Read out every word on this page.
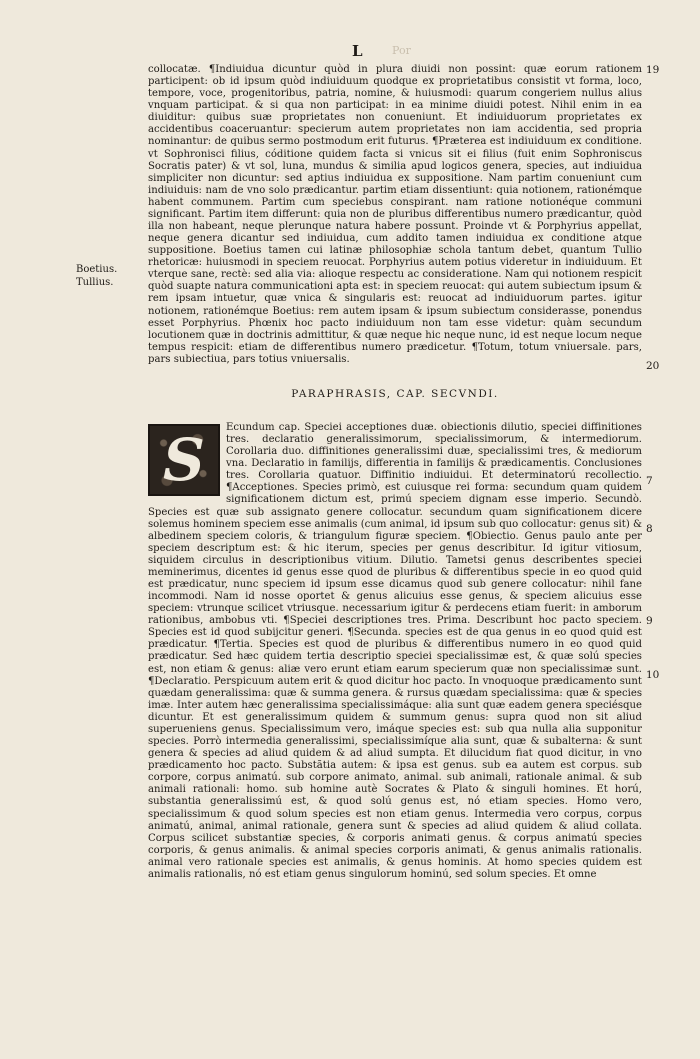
L	Por
19
Boetius.
Tullius.

collocatæ. ¶Indiuidua dicuntur quòd in plura diuidi non possint: quæ eorum rationem participent: ob id ipsum quòd indiuiduum quodque ex proprietatibus consistit vt forma, loco, tempore, voce, progenitoribus, patria, nomine, & huiusmodi: quarum congeriem nullus alius vnquam participat. & si qua non participat: in ea minime diuidi potest. Nihil enim in ea diuiditur: quibus suæ proprietates non conueniunt. Et indiuiduorum proprietates ex accidentibus coaceruantur: specierum autem proprietates non iam accidentia, sed propria nominantur: de quibus sermo postmodum erit futurus. ¶Præterea est indiuiduum ex conditione. vt Sophronisci filius, códitione quidem facta si vnicus sit ei filius (fuit enim Sophroniscus Socratis pater) & vt sol, luna, mundus & similia apud logicos genera, species, aut indiuidua simpliciter non dicuntur: sed aptius indiuidua ex suppositione. Nam partim conueniunt cum indiuiduis: nam de vno solo prædicantur. partim etiam dissentiunt: quia notionem, rationémque habent communem. Partim cum speciebus conspirant. nam ratione notionéque communi significant. Partim item differunt: quia non de pluribus differentibus numero prædicantur, quòd illa non habeant, neque plerunque natura habere possunt. Proinde vt & Porphyrius appellat, neque genera dicantur sed indiuidua, cum addito tamen indiuidua ex conditione atque suppositione. Boetius tamen cui latinæ philosophiæ schola tantum debet, quantum Tullio rhetoricæ: huiusmodi in speciem reuocat. Porphyrius autem potius videretur in indiuiduum. Et vterque sane, rectè: sed alia via: alioque respectu ac consideratione. Nam qui notionem respicit quòd suapte natura communicationi apta est: in speciem reuocat: qui autem subiectum ipsum & rem ipsam intuetur, quæ vnica & singularis est: reuocat ad indiuiduorum partes. igitur notionem, rationémque Boetius: rem autem ipsam & ipsum subiectum considerasse, ponendus esset Porphyrius. Phœnix hoc pacto indiuiduum non tam esse videtur: quàm secundum locutionem quæ in doctrinis admittitur, & quæ neque hic neque nunc, id est neque locum neque tempus respicit: etiam de differentibus numero prædicetur. ¶Totum, totum vniuersale. pars, pars subiectiua, pars totius vniuersalis.

20
PARAPHRASIS, CAP. SECVNDI.
S	Ecundum cap. Speciei acceptiones duæ. obiectionis dilutio, speciei diffinitiones tres. declaratio generalissimorum, specialissimorum, & intermediorum. Corollaria duo. diffinitiones generalissimi duæ, specialissimi tres, & mediorum vna. Declaratio in familijs, differentia in familijs & prædicamentis. Conclusiones tres. Corollaria quatuor. Diffinitio indiuidui. Et determinatorú recollectio. ¶Acceptiones. Species primò, est cuiusque rei forma: secundum quam quidem significationem dictum est, primú speciem dignam esse imperio. Secundò. Species est quæ sub assignato genere collocatur. secundum quam significationem dicere solemus hominem speciem esse animalis (cum animal, id ipsum sub quo collocatur: genus sit) & albedinem speciem coloris, & triangulum figuræ speciem. ¶Obiectio. Genus paulo ante per speciem descriptum est: & hic iterum, species per genus describitur. Id igitur vitiosum, siquidem circulus in descriptionibus vitium. Dilutio. Tametsi genus describentes speciei meminerimus, dicentes id genus esse quod de pluribus & differentibus specie in eo quod quid est prædicatur, nunc speciem id ipsum esse dicamus quod sub genere collocatur: nihil fane incommodi. Nam id nosse oportet & genus alicuius esse genus, & speciem alicuius esse speciem: vtrunque scilicet vtriusque. necessarium igitur & perdecens etiam fuerit: in amborum rationibus, ambobus vti. ¶Speciei descriptiones tres. Prima. Describunt hoc pacto speciem. Species est id quod subijcitur generi. ¶Secunda. species est de qua genus in eo quod quid est prædicatur. ¶Tertia. Species est quod de pluribus & differentibus numero in eo quod quid prædicatur. Sed hæc quidem tertia descriptio speciei specialissimæ est, & quæ solú species est, non etiam & genus: aliæ vero erunt etiam earum specierum quæ non specialissimæ sunt. ¶Declaratio. Perspicuum autem erit & quod dicitur hoc pacto. In vnoquoque prædicamento sunt quædam generalissima: quæ & summa genera. & rursus quædam specialissima: quæ & species imæ. Inter autem hæc generalissima specialissimáque: alia sunt quæ eadem genera speciésque dicuntur. Et est generalissimum quidem & summum genus: supra quod non sit aliud superueniens genus. Specialissimum vero, imáque species est: sub qua nulla alia supponitur species. Porrò intermedia generalissimi, specialissimíque alia sunt, quæ & subalterna: & sunt genera & species ad aliud quidem & ad aliud sumpta. Et dilucidum fiat quod dicitur, in vno prædicamento hoc pacto. Substãtia autem: & ipsa est genus. sub ea autem est corpus. sub corpore, corpus animatú. sub corpore animato, animal. sub animali, rationale animal. & sub animali rationali: homo. sub homine autè Socrates & Plato & singuli homines. Et horú, substantia generalissimú est, & quod solú genus est, nó etiam species. Homo vero, specialissimum & quod solum species est non etiam genus. Intermedia vero corpus, corpus animatú, animal, animal rationale, genera sunt & species ad aliud quidem & aliud collata. Corpus scilicet substantiæ species, & corporis animati genus. & corpus animatú species corporis, & genus animalis. & animal species corporis animati, & genus animalis rationalis. animal vero rationale species est animalis, & genus hominis. At homo species quidem est animalis rationalis, nó est etiam genus singulorum hominú, sed solum species. Et omne

7
8
9
10
